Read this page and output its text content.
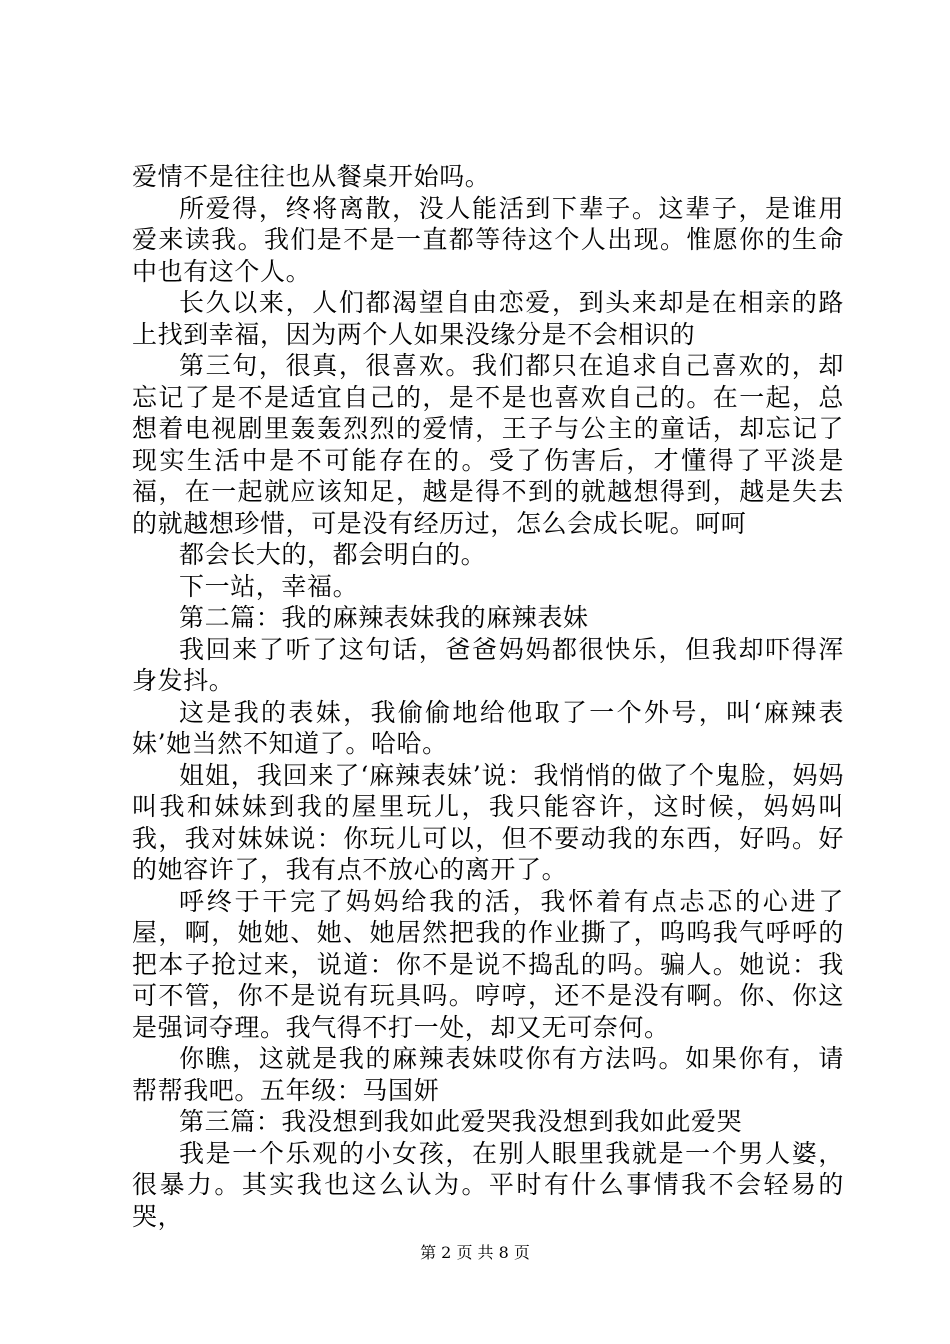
爱情不是往往也从餐桌开始吗。

所爱得，终将离散，没人能活到下辈子。这辈子，是谁用爱来读我。我们是不是一直都等待这个人出现。惟愿你的生命中也有这个人。

长久以来，人们都渴望自由恋爱，到头来却是在相亲的路上找到幸福，因为两个人如果没缘分是不会相识的

第三句，很真，很喜欢。我们都只在追求自己喜欢的，却忘记了是不是适宜自己的，是不是也喜欢自己的。在一起，总想着电视剧里轰轰烈烈的爱情，王子与公主的童话，却忘记了现实生活中是不可能存在的。受了伤害后，才懂得了平淡是福，在一起就应该知足，越是得不到的就越想得到，越是失去的就越想珍惜，可是没有经历过，怎么会成长呢。呵呵

都会长大的，都会明白的。

下一站，幸福。

第二篇：我的麻辣表妹我的麻辣表妹

我回来了听了这句话，爸爸妈妈都很快乐，但我却吓得浑身发抖。

这是我的表妹，我偷偷地给他取了一个外号，叫‘麻辣表妹’她当然不知道了。哈哈。

姐姐，我回来了‘麻辣表妹’说：我悄悄的做了个鬼脸，妈妈叫我和妹妹到我的屋里玩儿，我只能容许，这时候，妈妈叫我，我对妹妹说：你玩儿可以，但不要动我的东西，好吗。好的她容许了，我有点不放心的离开了。

呼终于干完了妈妈给我的活，我怀着有点忐忑的心进了屋，啊，她她、她、她居然把我的作业撕了，呜呜我气呼呼的把本子抢过来，说道：你不是说不捣乱的吗。骗人。她说：我可不管，你不是说有玩具吗。哼哼，还不是没有啊。你、你这是强词夺理。我气得不打一处，却又无可奈何。

你瞧，这就是我的麻辣表妹哎你有方法吗。如果你有，请帮帮我吧。五年级：马国妍

第三篇：我没想到我如此爱哭我没想到我如此爱哭

我是一个乐观的小女孩，在别人眼里我就是一个男人婆，很暴力。其实我也这么认为。平时有什么事情我不会轻易的哭，

第 2 页 共 8 页
